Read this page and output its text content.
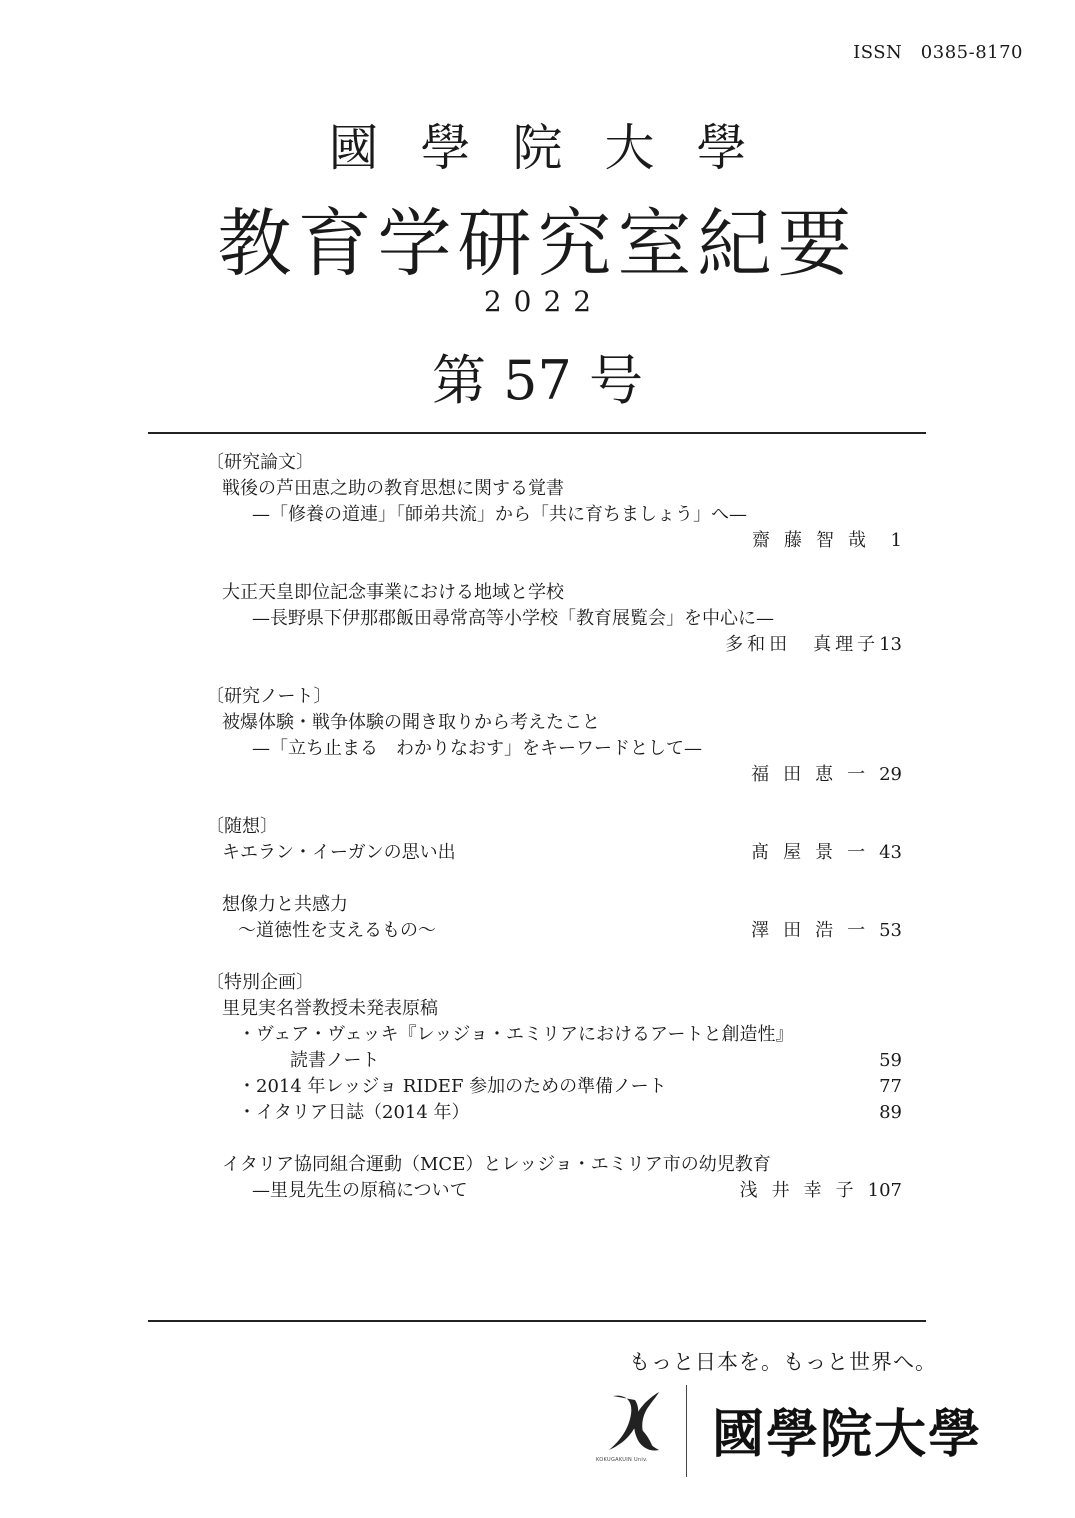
ISSN　0385-8170
國學院大學
教育学研究室紀要
2022
第 57 号
〔研究論文〕
戦後の芦田恵之助の教育思想に関する覚書
—「修養の道連」「師弟共流」から「共に育ちましょう」へ—
齋藤智哉 1
大正天皇即位記念事業における地域と学校
—長野県下伊那郡飯田尋常高等小学校「教育展覧会」を中心に—
多和田　真理子13
〔研究ノート〕
被爆体験・戦争体験の聞き取りから考えたこと
—「立ち止まる　わかりなおす」をキーワードとして—
福田恵一29
〔随想〕
キエラン・イーガンの思い出	髙屋景一43
想像力と共感力
～道徳性を支えるもの～	澤田浩一53
〔特別企画〕
里見実名誉教授未発表原稿
・ヴェア・ヴェッキ『レッジョ・エミリアにおけるアートと創造性』
読書ノート	59
・2014 年レッジョ RIDEF 参加のための準備ノート	77
・イタリア日誌（2014 年）	89
イタリア協同組合運動（MCE）とレッジョ・エミリア市の幼児教育
—里見先生の原稿について	浅井幸子107
もっと日本を。もっと世界へ。
KOKUGAKUIN Univ. 國學院大學
